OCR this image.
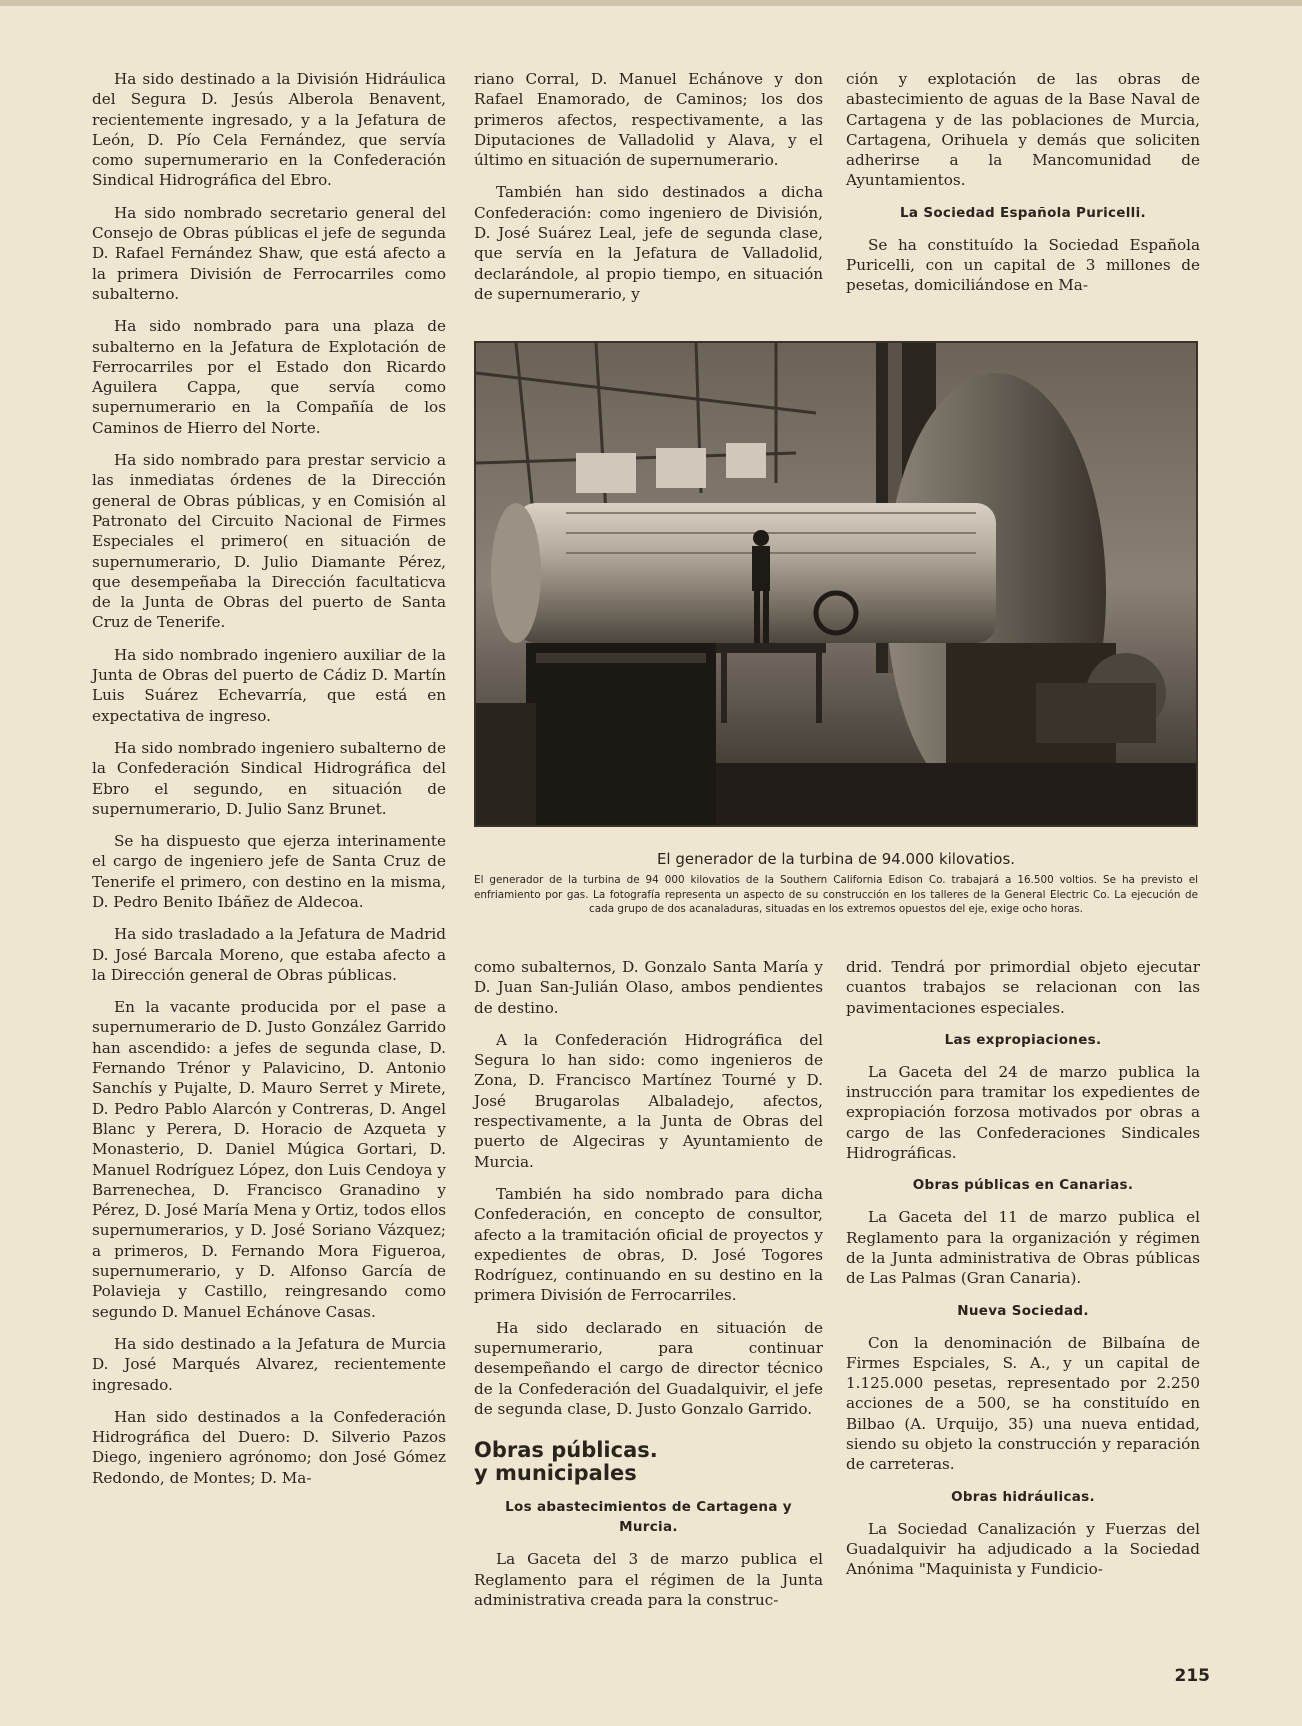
Ha sido destinado a la División Hidráulica del Segura D. Jesús Alberola Benavent, recientemente ingresado, y a la Jefatura de León, D. Pío Cela Fernández, que servía como supernumerario en la Confederación Sindical Hidrográfica del Ebro.

Ha sido nombrado secretario general del Consejo de Obras públicas el jefe de segunda D. Rafael Fernández Shaw, que está afecto a la primera División de Ferrocarriles como subalterno.

Ha sido nombrado para una plaza de subalterno en la Jefatura de Explotación de Ferrocarriles por el Estado don Ricardo Aguilera Cappa, que servía como supernumerario en la Compañía de los Caminos de Hierro del Norte.

Ha sido nombrado para prestar servicio a las inmediatas órdenes de la Dirección general de Obras públicas, y en Comisión al Patronato del Circuito Nacional de Firmes Especiales el primero( en situación de supernumerario, D. Julio Diamante Pérez, que desempeñaba la Dirección facultaticva de la Junta de Obras del puerto de Santa Cruz de Tenerife.

Ha sido nombrado ingeniero auxiliar de la Junta de Obras del puerto de Cádiz D. Martín Luis Suárez Echevarría, que está en expectativa de ingreso.

Ha sido nombrado ingeniero subalterno de la Confederación Sindical Hidrográfica del Ebro el segundo, en situación de supernumerario, D. Julio Sanz Brunet.

Se ha dispuesto que ejerza interinamente el cargo de ingeniero jefe de Santa Cruz de Tenerife el primero, con destino en la misma, D. Pedro Benito Ibáñez de Aldecoa.

Ha sido trasladado a la Jefatura de Madrid D. José Barcala Moreno, que estaba afecto a la Dirección general de Obras públicas.

En la vacante producida por el pase a supernumerario de D. Justo González Garrido han ascendido: a jefes de segunda clase, D. Fernando Trénor y Palavicino, D. Antonio Sanchís y Pujalte, D. Mauro Serret y Mirete, D. Pedro Pablo Alarcón y Contreras, D. Angel Blanc y Perera, D. Horacio de Azqueta y Monasterio, D. Daniel Múgica Gortari, D. Manuel Rodríguez López, don Luis Cendoya y Barrenechea, D. Francisco Granadino y Pérez, D. José María Mena y Ortiz, todos ellos supernumerarios, y D. José Soriano Vázquez; a primeros, D. Fernando Mora Figueroa, supernumerario, y D. Alfonso García de Polavieja y Castillo, reingresando como segundo D. Manuel Echánove Casas.

Ha sido destinado a la Jefatura de Murcia D. José Marqués Alvarez, recientemente ingresado.

Han sido destinados a la Confederación Hidrográfica del Duero: D. Silverio Pazos Diego, ingeniero agrónomo; don José Gómez Redondo, de Montes; D. Ma-

riano Corral, D. Manuel Echánove y don Rafael Enamorado, de Caminos; los dos primeros afectos, respectivamente, a las Diputaciones de Valladolid y Alava, y el último en situación de supernumerario.

También han sido destinados a dicha Confederación: como ingeniero de División, D. José Suárez Leal, jefe de segunda clase, que servía en la Jefatura de Valladolid, declarándole, al propio tiempo, en situación de supernumerario, y

ción y explotación de las obras de abastecimiento de aguas de la Base Naval de Cartagena y de las poblaciones de Murcia, Cartagena, Orihuela y demás que soliciten adherirse a la Mancomunidad de Ayuntamientos.

La Sociedad Española Puricelli.

Se ha constituído la Sociedad Española Puricelli, con un capital de 3 millones de pesetas, domiciliándose en Ma-

El generador de la turbina de 94.000 kilovatios.
El generador de la turbina de 94 000 kilovatios de la Southern California Edison Co. trabajará a 16.500 voltios. Se ha previsto el enfriamiento por gas. La fotografía representa un aspecto de su construcción en los talleres de la General Electric Co. La ejecución de cada grupo de dos acanaladuras, situadas en los extremos opuestos del eje, exige ocho horas.

como subalternos, D. Gonzalo Santa María y D. Juan San-Julián Olaso, ambos pendientes de destino.

A la Confederación Hidrográfica del Segura lo han sido: como ingenieros de Zona, D. Francisco Martínez Tourné y D. José Brugarolas Albaladejo, afectos, respectivamente, a la Junta de Obras del puerto de Algeciras y Ayuntamiento de Murcia.

También ha sido nombrado para dicha Confederación, en concepto de consultor, afecto a la tramitación oficial de proyectos y expedientes de obras, D. José Togores Rodríguez, continuando en su destino en la primera División de Ferrocarriles.

Ha sido declarado en situación de supernumerario, para continuar desempeñando el cargo de director técnico de la Confederación del Guadalquivir, el jefe de segunda clase, D. Justo Gonzalo Garrido.

Obras públicas.
y municipales
Los abastecimientos de Cartagena y Murcia.

La Gaceta del 3 de marzo publica el Reglamento para el régimen de la Junta administrativa creada para la construc-

drid. Tendrá por primordial objeto ejecutar cuantos trabajos se relacionan con las pavimentaciones especiales.

Las expropiaciones.

La Gaceta del 24 de marzo publica la instrucción para tramitar los expedientes de expropiación forzosa motivados por obras a cargo de las Confederaciones Sindicales Hidrográficas.

Obras públicas en Canarias.

La Gaceta del 11 de marzo publica el Reglamento para la organización y régimen de la Junta administrativa de Obras públicas de Las Palmas (Gran Canaria).

Nueva Sociedad.

Con la denominación de Bilbaína de Firmes Espciales, S. A., y un capital de 1.125.000 pesetas, representado por 2.250 acciones de a 500, se ha constituído en Bilbao (A. Urquijo, 35) una nueva entidad, siendo su objeto la construcción y reparación de carreteras.

Obras hidráulicas.

La Sociedad Canalización y Fuerzas del Guadalquivir ha adjudicado a la Sociedad Anónima "Maquinista y Fundicio-

215
